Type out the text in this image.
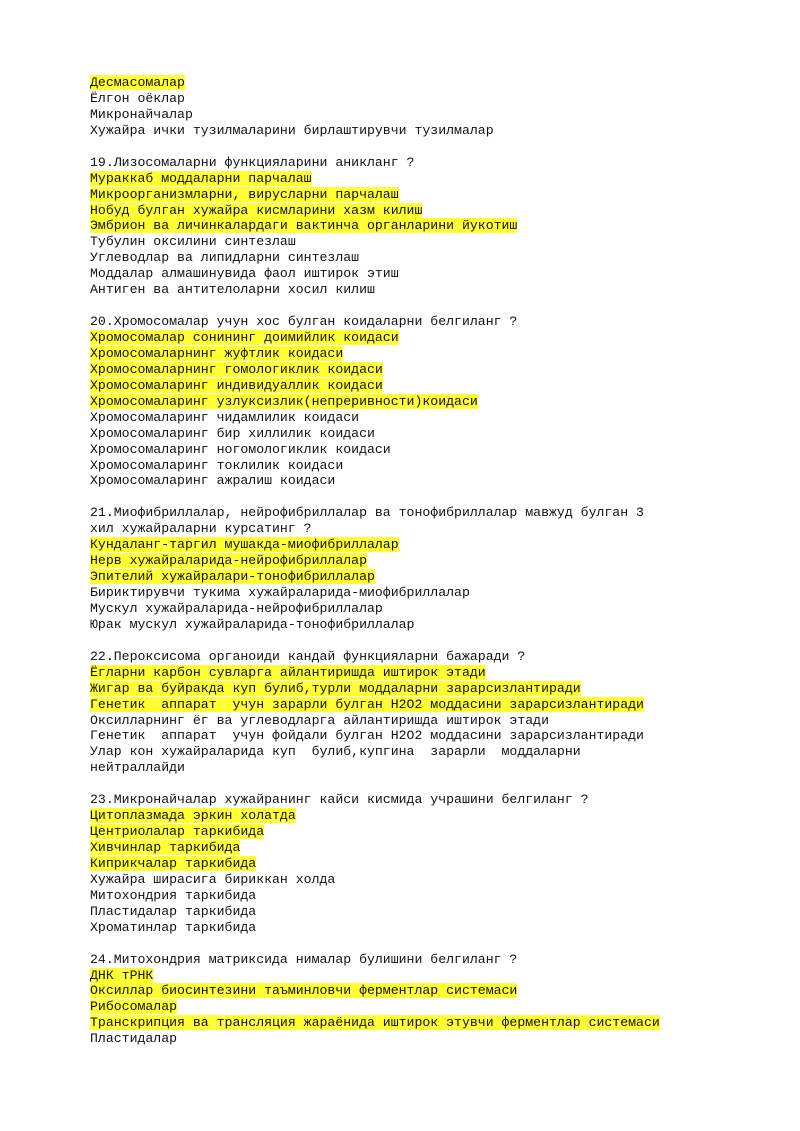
Десмасомалар
Ёлгон оёклар
Микронайчалар
Хужайра ички тузилмаларини бирлаштирувчи тузилмалар
19.Лизосомаларни функцияларини аникланг ?
Мураккаб моддаларни парчалаш
Микроорганизмларни, вирусларни парчалаш
Нобуд булган хужайра кисмларини хазм килиш
Эмбрион ва личинкалардаги вактинча органларини йукотиш
Тубулин оксилини синтезлаш
Углеводлар ва липидларни синтезлаш
Моддалар алмашинувида фаол иштирок этиш
Антиген ва антителоларни хосил килиш
20.Хромосомалар учун хос булган коидаларни белгиланг ?
Хромосомалар сонининг доимийлик коидаси
Хромосомаларнинг жуфтлик коидаси
Хромосомаларнинг гомологиклик коидаси
Хромосомаларинг индивидуаллик коидаси
Хромосомаларинг узлуксизлик(непреривности)коидаси
Хромосомаларинг чидамлилик коидаси
Хромосомаларинг бир хиллилик коидаси
Хромосомаларинг ногомологиклик коидаси
Хромосомаларинг токлилик коидаси
Хромосомаларинг ажралиш коидаси
21.Миофибриллалар, нейрофибриллалар ва тонофибриллалар мавжуд булган 3
хил хужайраларни курсатинг ?
Кундаланг-таргил мушакда-миофибриллалар
Нерв хужайраларида-нейрофибриллалар
Эпителий хужайралари-тонофибриллалар
Бириктирувчи тукима хужайраларида-миофибриллалар
Мускул хужайраларида-нейрофибриллалар
Юрак мускул хужайраларида-тонофибриллалар
22.Пероксисома органоиди кандай функцияларни бажаради ?
Ёгларни карбон сувларга айлантиришда иштирок этади
Жигар ва буйракда куп булиб,турли моддаларни зарарсизлантиради
Генетик  аппарат  учун зарарли булган Н2О2 моддасини зарарсизлантиради
Оксилларнинг ёг ва углеводларга айлантиришда иштирок этади
Генетик  аппарат  учун фойдали булган Н2О2 моддасини зарарсизлантиради
Улар кон хужайраларида куп  булиб,купгина  зарарли  моддаларни
нейтраллайди
23.Микронайчалар хужайранинг кайси кисмида учрашини белгиланг ?
Цитоплазмада эркин холатда
Центриолалар таркибида
Хивчинлар таркибида
Киприкчалар таркибида
Хужайра ширасига бириккан холда
Митохондрия таркибида
Пластидалар таркибида
Хроматинлар таркибида
24.Митохондрия матриксида нималар булишини белгиланг ?
ДНК тРНК
Оксиллар биосинтезини таъминловчи ферментлар системаси
Рибосомалар
Транскрипция ва трансляция жараёнида иштирок этувчи ферментлар системаси
Пластидалар
